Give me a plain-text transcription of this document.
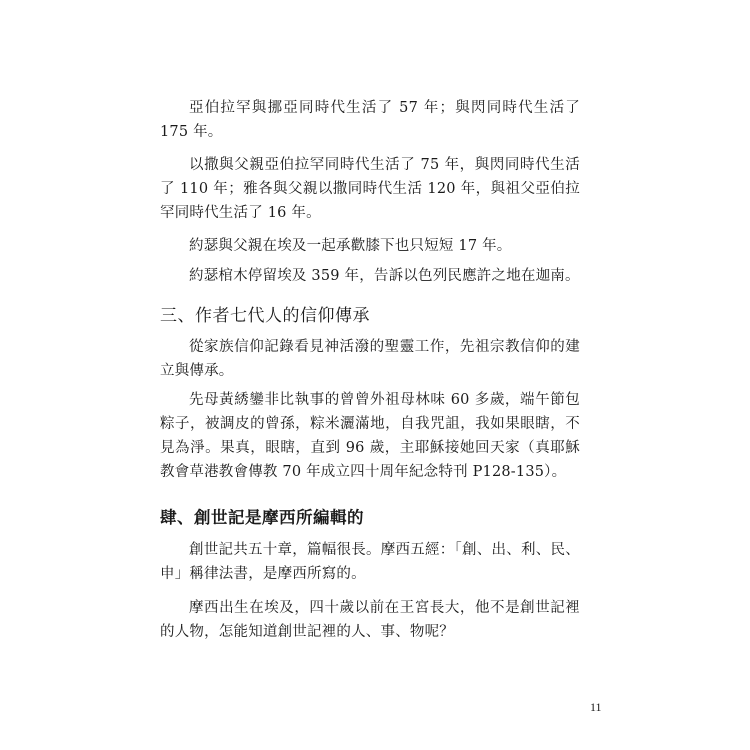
亞伯拉罕與挪亞同時代生活了 57 年；與閃同時代生活了 175 年。

以撒與父親亞伯拉罕同時代生活了 75 年，與閃同時代生活了 110 年；雅各與父親以撒同時代生活 120 年，與祖父亞伯拉罕同時代生活了 16 年。

約瑟與父親在埃及一起承歡膝下也只短短 17 年。

約瑟棺木停留埃及 359 年，告訴以色列民應許之地在迦南。

三、作者七代人的信仰傳承

從家族信仰記錄看見神活潑的聖靈工作，先祖宗教信仰的建立與傳承。

先母黃綉鑾非比執事的曾曾外祖母林味 60 多歲，端午節包粽子，被調皮的曾孫，粽米灑滿地，自我咒詛，我如果眼瞎，不見為淨。果真，眼瞎，直到 96 歲，主耶穌接她回天家（真耶穌教會草港教會傳教 70 年成立四十周年紀念特刊 P128-135）。

肆、創世記是摩西所編輯的

創世記共五十章，篇幅很長。摩西五經：「創、出、利、民、申」稱律法書，是摩西所寫的。

摩西出生在埃及，四十歲以前在王宮長大，他不是創世記裡的人物，怎能知道創世記裡的人、事、物呢？

11
